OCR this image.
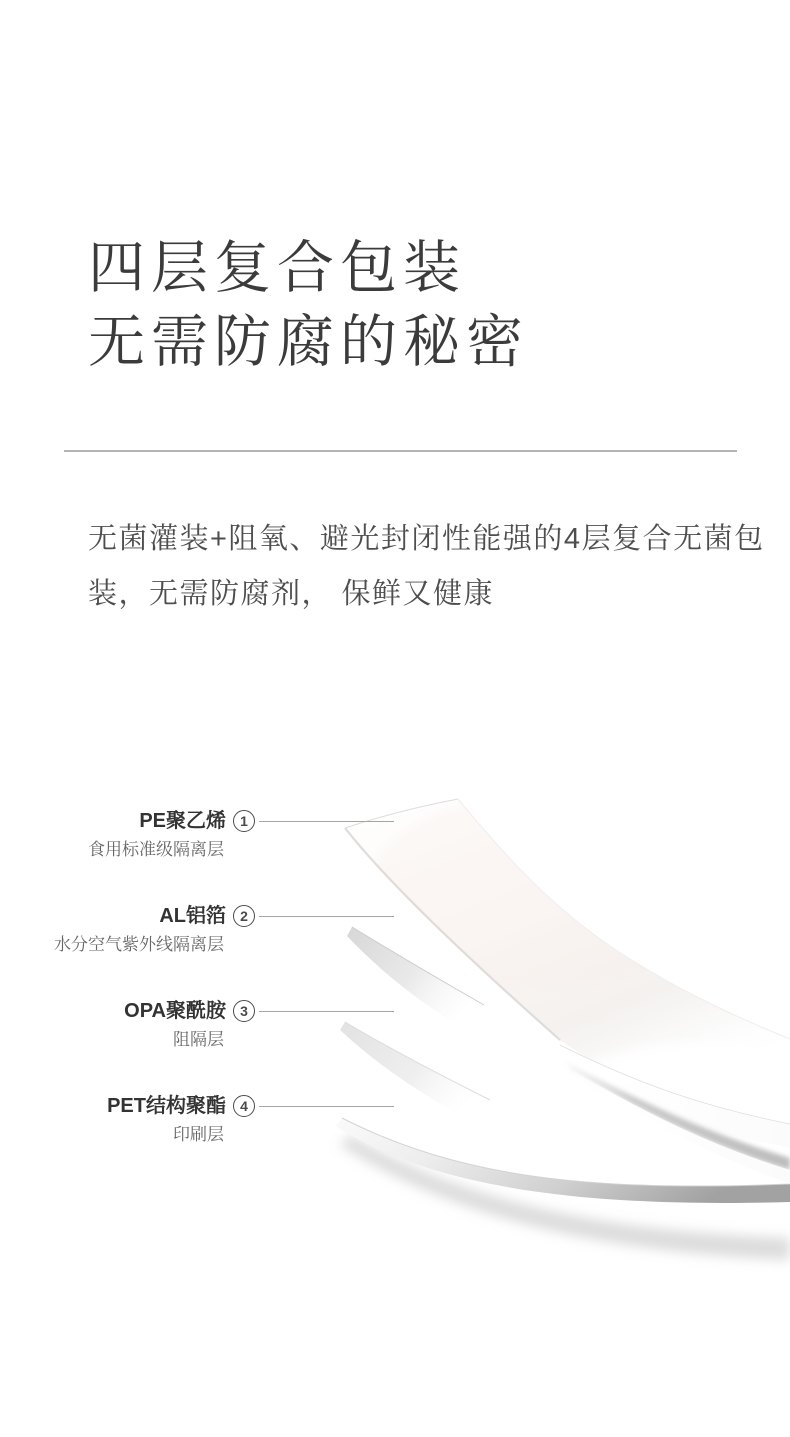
四层复合包装
无需防腐的秘密
无菌灌装+阻氧、避光封闭性能强的4层复合无菌包
装，无需防腐剂， 保鲜又健康
PE聚乙烯	1
食用标准级隔离层
AL铝箔	2
水分空气紫外线隔离层
OPA聚酰胺	3
阻隔层
PET结构聚酯	4
印刷层
